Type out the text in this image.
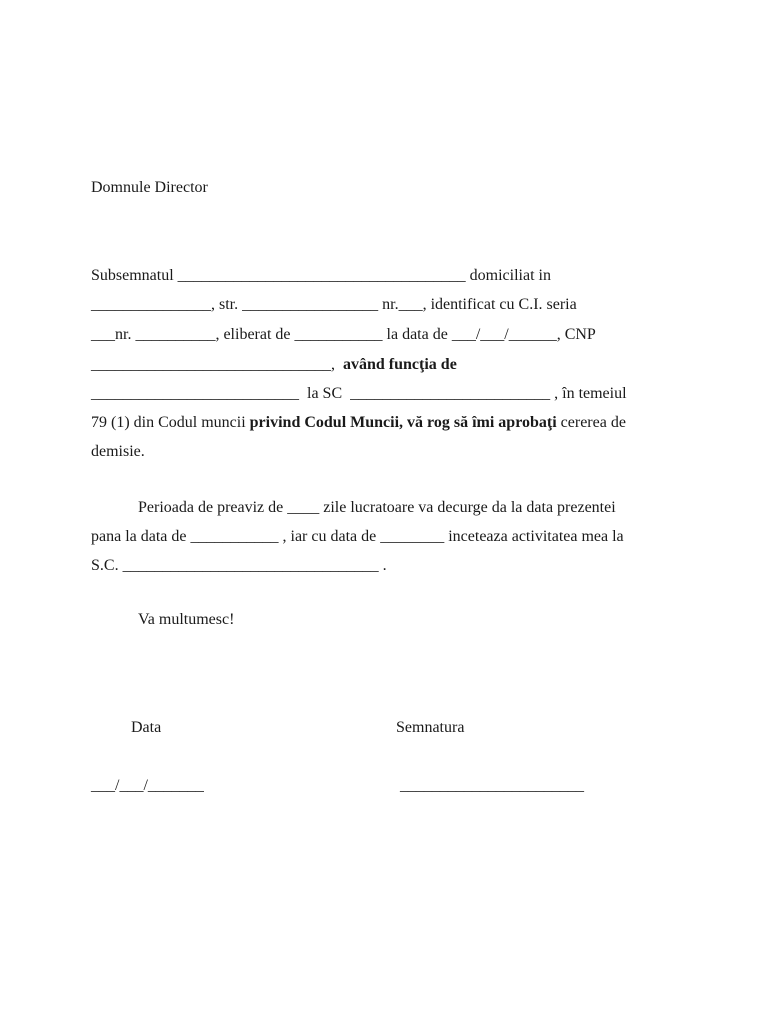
Domnule Director
Subsemnatul ____________________________________ domiciliat in
_______________, str. _________________ nr.___, identificat cu C.I. seria
___nr. __________, eliberat de ___________ la data de ___/___/______, CNP
______________________________,  având funcţia de
__________________________  la SC  _________________________ , în temeiul
79 (1) din Codul muncii privind Codul Muncii, vă rog să îmi aprobaţi cererea de
demisie.
Perioada de preaviz de ____ zile lucratoare va decurge da la data prezentei
pana la data de ___________ , iar cu data de ________ inceteaza activitatea mea la
S.C. ________________________________ .
Va multumesc!
Data	Semnatura
___/___/_______	_______________________
